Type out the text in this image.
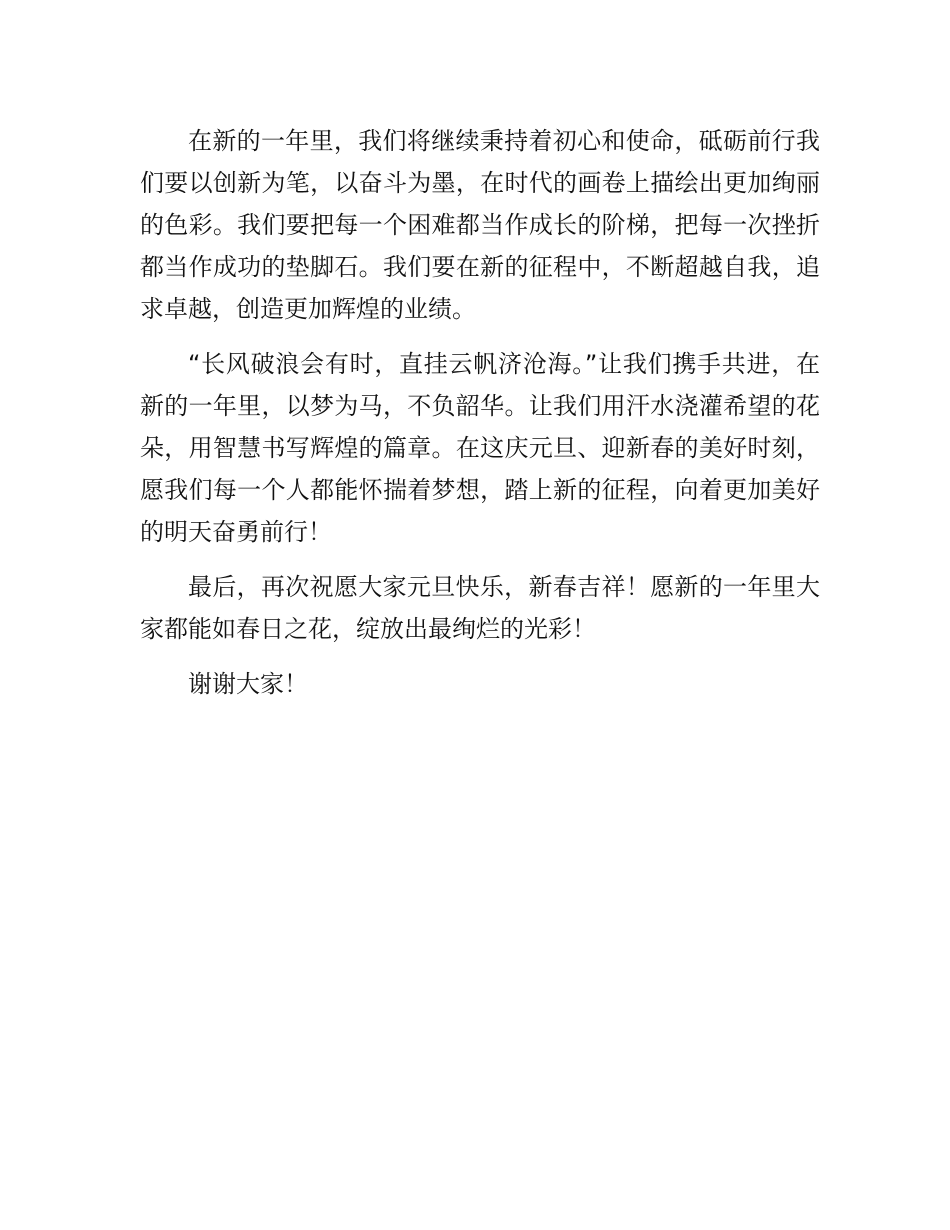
在新的一年里，我们将继续秉持着初心和使命，砥砺前行我们要以创新为笔，以奋斗为墨，在时代的画卷上描绘出更加绚丽的色彩。我们要把每一个困难都当作成长的阶梯，把每一次挫折都当作成功的垫脚石。我们要在新的征程中，不断超越自我，追求卓越，创造更加辉煌的业绩。

“长风破浪会有时，直挂云帆济沧海。”让我们携手共进，在新的一年里，以梦为马，不负韶华。让我们用汗水浇灌希望的花朵，用智慧书写辉煌的篇章。在这庆元旦、迎新春的美好时刻，愿我们每一个人都能怀揣着梦想，踏上新的征程，向着更加美好的明天奋勇前行！

最后，再次祝愿大家元旦快乐，新春吉祥！愿新的一年里大家都能如春日之花，绽放出最绚烂的光彩！

谢谢大家！
